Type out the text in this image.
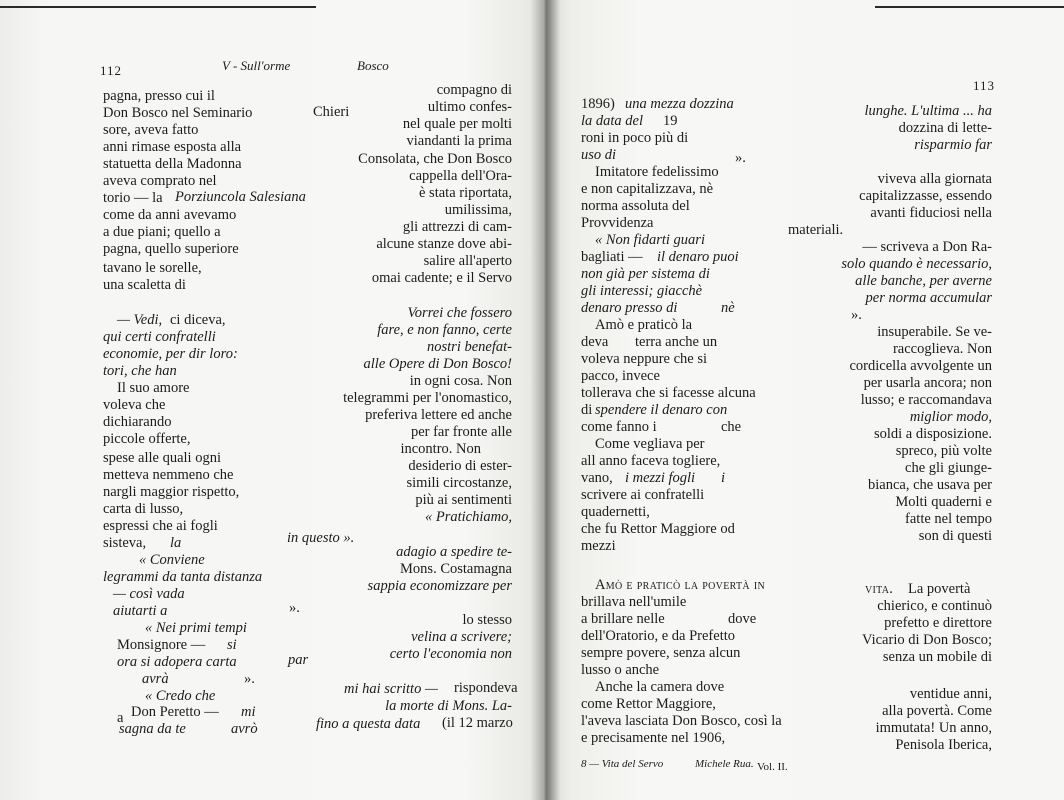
112	V - Sull'orme	Bosco
pagna, presso cui il	compagno di
Don Bosco nel Seminario	Chieri	ultimo confes-
sore, aveva fatto	nel quale per molti
anni rimase esposta alla	viandanti la prima
statuetta della Madonna	Consolata, che Don Bosco
aveva comprato nel	cappella dell'Ora-
torio — la Porziuncola Salesiana	è stata riportata,
come da anni avevamo	umilissima,
a due piani; quello a	gli attrezzi di cam-
pagna, quello superiore	alcune stanze dove abi-
tavano le sorelle,	salire all'aperto
una scaletta di	omai cadente; e il Servo
— Vedi, ci diceva,	Vorrei che fossero
qui certi confratelli	fare, e non fanno, certe
economie, per dir loro:	nostri benefat-
tori, che han	alle Opere di Don Bosco!
Il suo amore	in ogni cosa. Non
voleva che	telegrammi per l'onomastico,
dichiarando	preferiva lettere ed anche
piccole offerte,	per far fronte alle
spese alle quali ogni
incontro. Non
metteva nemmeno che
desiderio di ester-
nargli maggior rispetto,
simili circostanze,
carta di lusso,
più ai sentimenti
espressi che ai fogli
« Pratichiamo,
sisteva, la	in questo ».
« Conviene	adagio a spedire te-
legrammi da tanta distanza	Mons. Costamagna
— così vada	sappia economizzare per
aiutarti a	».
« Nei primi tempi	lo stesso
Monsignore — si	velina a scrivere;
ora si adopera carta	par	certo l'economia non
avrà	».
« Credo che	mi hai scritto — rispondeva
a Don Peretto — mi	la morte di Mons. La-
sagna da te	avrò	fino a questa data (il 12 marzo
113
1896) una mezza dozzina	lunghe. L'ultima ... ha
la data del 19	dozzina di lette-
roni in poco più di	risparmio far
uso di	».
Imitatore fedelissimo	viveva alla giornata
e non capitalizzava, nè	capitalizzasse, essendo
norma assoluta del	avanti fiduciosi nella
Provvidenza	materiali.
« Non fidarti guari	— scriveva a Don Ra-
bagliati — il denaro puoi	solo quando è necessario,
non già per sistema di	alle banche, per averne
gli interessi; giacchè	per norma accumular
denaro presso di	nè	».
Amò e praticò la	insuperabile. Se ve-
deva terra anche un	raccoglieva. Non
voleva neppure che si	cordicella avvolgente un
pacco, invece	per usarla ancora; non
tollerava che si facesse alcuna	lusso; e raccomandava
di spendere il denaro con	miglior modo,
come fanno i	che	soldi a disposizione.
Come vegliava per	spreco, più volte
all anno faceva togliere,	che gli giunge-
vano, i mezzi fogli i	bianca, che usava per
scrivere ai confratelli	Molti quaderni e
quadernetti,	fatte nel tempo
che fu Rettor Maggiore od	son di questi
mezzi
Amò e praticò la povertà in	vita. La povertà
brillava nell'umile	chierico, e continuò
a brillare nelle	dove	prefetto e direttore
dell'Oratorio, e da Prefetto	Vicario di Don Bosco;
sempre povere, senza alcun	senza un mobile di
lusso o anche
Anche la camera dove	ventidue anni,
come Rettor Maggiore,	alla povertà. Come
l'aveva lasciata Don Bosco, così la	immutata! Un anno,
e precisamente nel 1906,	Penisola Iberica,
8 — Vita del Servo	Michele Rua. Vol. II.
